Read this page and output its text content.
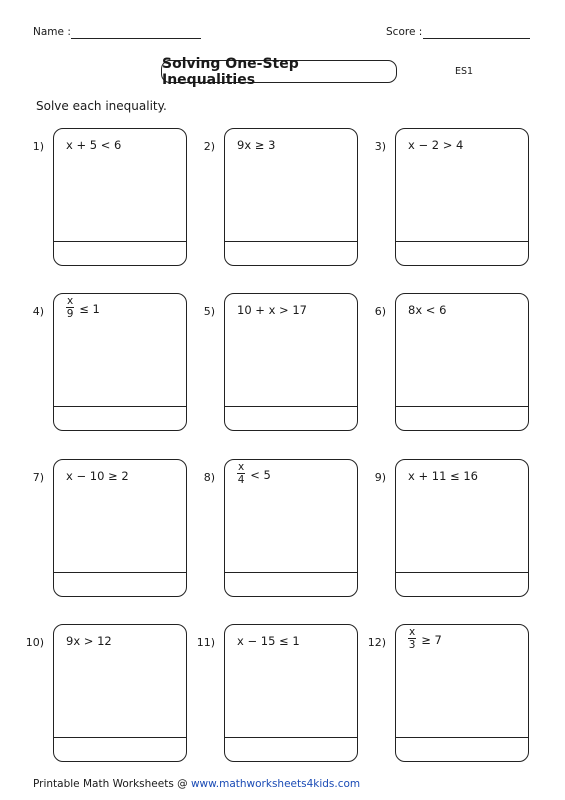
Name :	Score :
Solving One-Step Inequalities	ES1
Solve each inequality.
1) x + 5 < 6	2) 9x ≥ 3	3) x − 2 > 4
$4) \frac{x}{9} \le 1$	5) 10 + x > 17	6) 8x < 6
7) x − 10 ≥ 2	$8) \frac{x}{4} < 5$	9) x + 11 ≤ 16
10) 9x > 12	11) x − 15 ≤ 1	$12) \frac{x}{3} \ge 7$
Printable Math Worksheets @ www.mathworksheets4kids.com
